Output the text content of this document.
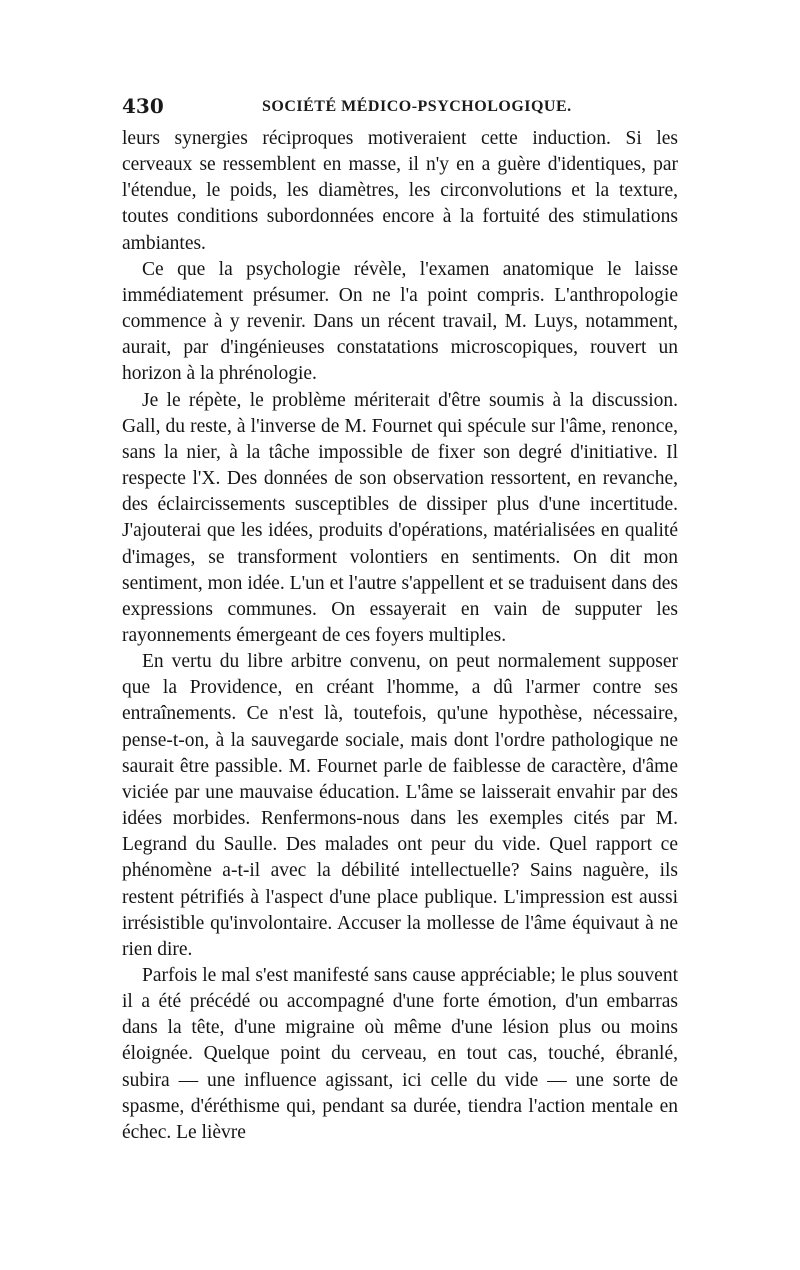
430	SOCIÉTÉ MÉDICO-PSYCHOLOGIQUE.

leurs synergies réciproques motiveraient cette induction. Si les cerveaux se ressemblent en masse, il n'y en a guère d'identiques, par l'étendue, le poids, les diamètres, les circonvolutions et la texture, toutes conditions subordonnées encore à la fortuité des stimulations ambiantes.

Ce que la psychologie révèle, l'examen anatomique le laisse immédiatement présumer. On ne l'a point compris. L'anthropologie commence à y revenir. Dans un récent travail, M. Luys, notamment, aurait, par d'ingénieuses constatations microscopiques, rouvert un horizon à la phrénologie.

Je le répète, le problème mériterait d'être soumis à la discussion. Gall, du reste, à l'inverse de M. Fournet qui spécule sur l'âme, renonce, sans la nier, à la tâche impossible de fixer son degré d'initiative. Il respecte l'X. Des données de son observation ressortent, en revanche, des éclaircissements susceptibles de dissiper plus d'une incertitude. J'ajouterai que les idées, produits d'opérations, matérialisées en qualité d'images, se transforment volontiers en sentiments. On dit mon sentiment, mon idée. L'un et l'autre s'appellent et se traduisent dans des expressions communes. On essayerait en vain de supputer les rayonnements émergeant de ces foyers multiples.

En vertu du libre arbitre convenu, on peut normalement supposer que la Providence, en créant l'homme, a dû l'armer contre ses entraînements. Ce n'est là, toutefois, qu'une hypothèse, nécessaire, pense-t-on, à la sauvegarde sociale, mais dont l'ordre pathologique ne saurait être passible. M. Fournet parle de faiblesse de caractère, d'âme viciée par une mauvaise éducation. L'âme se laisserait envahir par des idées morbides. Renfermons-nous dans les exemples cités par M. Legrand du Saulle. Des malades ont peur du vide. Quel rapport ce phénomène a-t-il avec la débilité intellectuelle? Sains naguère, ils restent pétrifiés à l'aspect d'une place publique. L'impression est aussi irrésistible qu'involontaire. Accuser la mollesse de l'âme équivaut à ne rien dire.

Parfois le mal s'est manifesté sans cause appréciable; le plus souvent il a été précédé ou accompagné d'une forte émotion, d'un embarras dans la tête, d'une migraine où même d'une lésion plus ou moins éloignée. Quelque point du cerveau, en tout cas, touché, ébranlé, subira — une influence agissant, ici celle du vide — une sorte de spasme, d'éréthisme qui, pendant sa durée, tiendra l'action mentale en échec. Le lièvre
